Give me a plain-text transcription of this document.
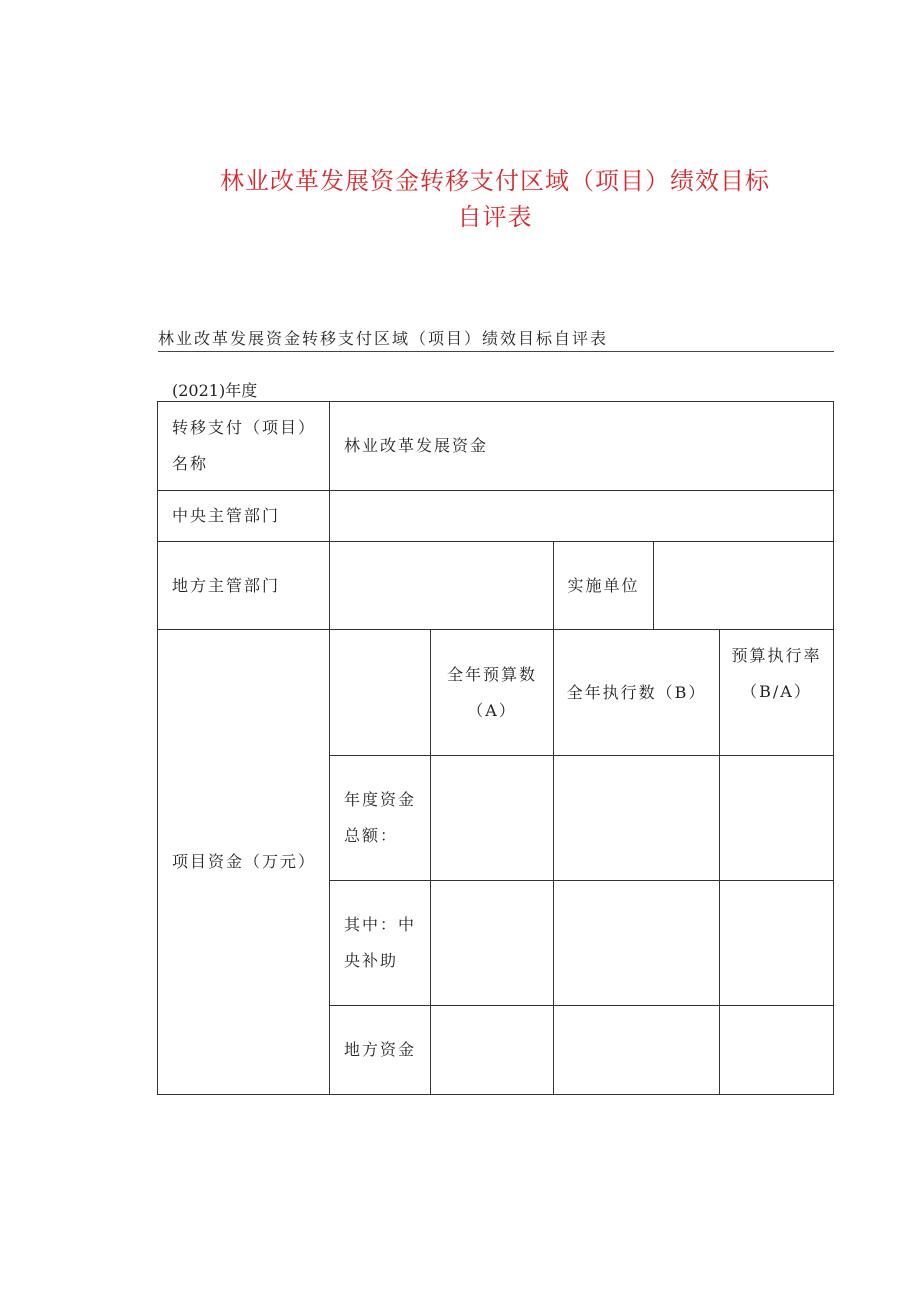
林业改革发展资金转移支付区域（项目）绩效目标
自评表
林业改革发展资金转移支付区域（项目）绩效目标自评表
(2021)年度
转移支付（项目）名称	林业改革发展资金				
中央主管部门					
地方主管部门			实施单位		
项目资金（万元）		全年预算数（A）	全年执行数（B）		预算执行率（B/A）
	年度资金总额：				
	其中：中央补助				
	地方资金				
